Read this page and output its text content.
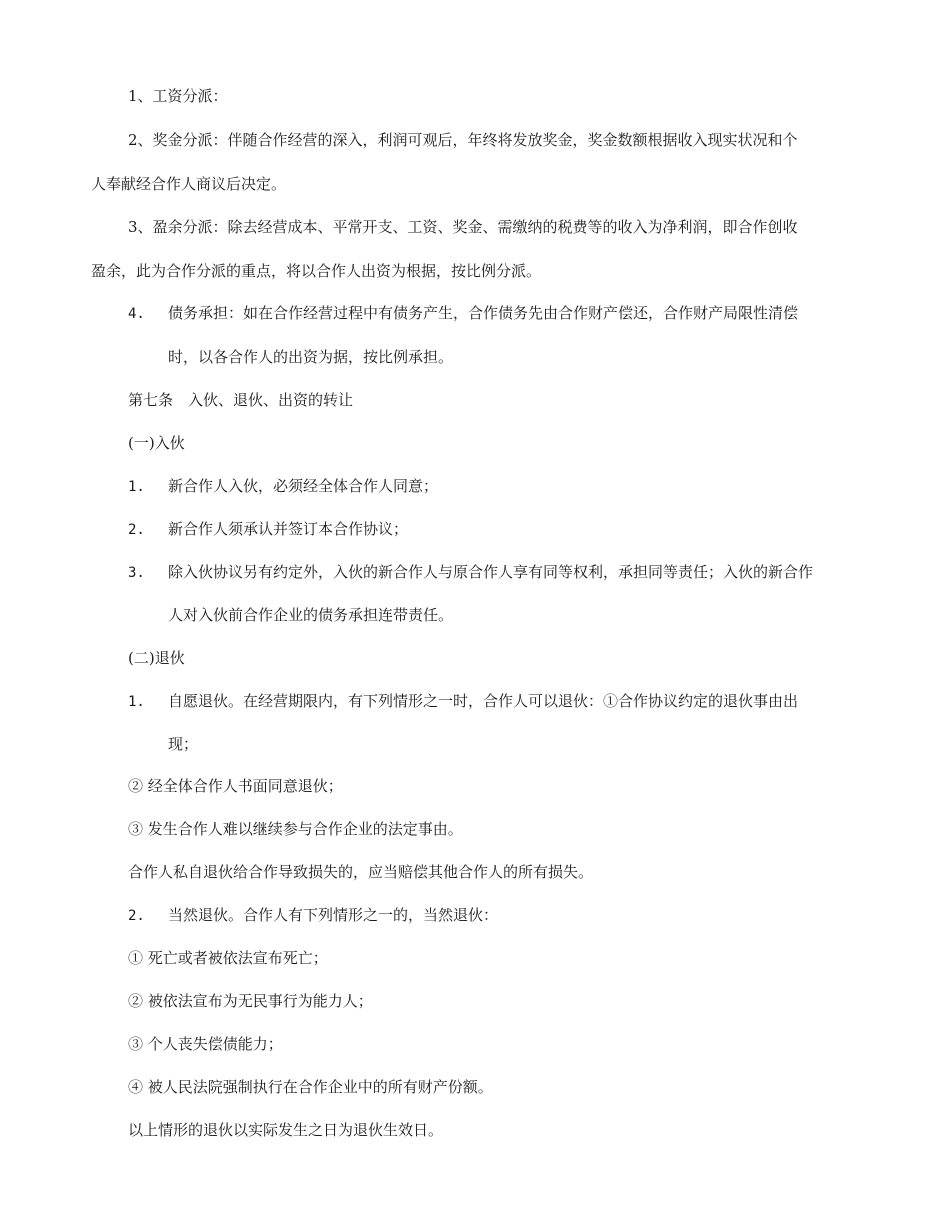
1、工资分派：
2、奖金分派：伴随合作经营的深入，利润可观后，年终将发放奖金，奖金数额根据收入现实状况和个
人奉献经合作人商议后决定。
3、盈余分派：除去经营成本、平常开支、工资、奖金、需缴纳的税费等的收入为净利润，即合作创收
盈余，此为合作分派的重点，将以合作人出资为根据，按比例分派。
4. 债务承担：如在合作经营过程中有债务产生，合作债务先由合作财产偿还，合作财产局限性清偿
时，以各合作人的出资为据，按比例承担。
第七条　入伙、退伙、出资的转让
(一)入伙
1. 新合作人入伙，必须经全体合作人同意；
2. 新合作人须承认并签订本合作协议；
3. 除入伙协议另有约定外，入伙的新合作人与原合作人享有同等权利，承担同等责任；入伙的新合作
人对入伙前合作企业的债务承担连带责任。
(二)退伙
1. 自愿退伙。在经营期限内，有下列情形之一时，合作人可以退伙：①合作协议约定的退伙事由出
现；
② 经全体合作人书面同意退伙；
③ 发生合作人难以继续参与合作企业的法定事由。
合作人私自退伙给合作导致损失的，应当赔偿其他合作人的所有损失。
2. 当然退伙。合作人有下列情形之一的，当然退伙：
① 死亡或者被依法宣布死亡；
② 被依法宣布为无民事行为能力人；
③ 个人丧失偿债能力；
④ 被人民法院强制执行在合作企业中的所有财产份额。
以上情形的退伙以实际发生之日为退伙生效日。
